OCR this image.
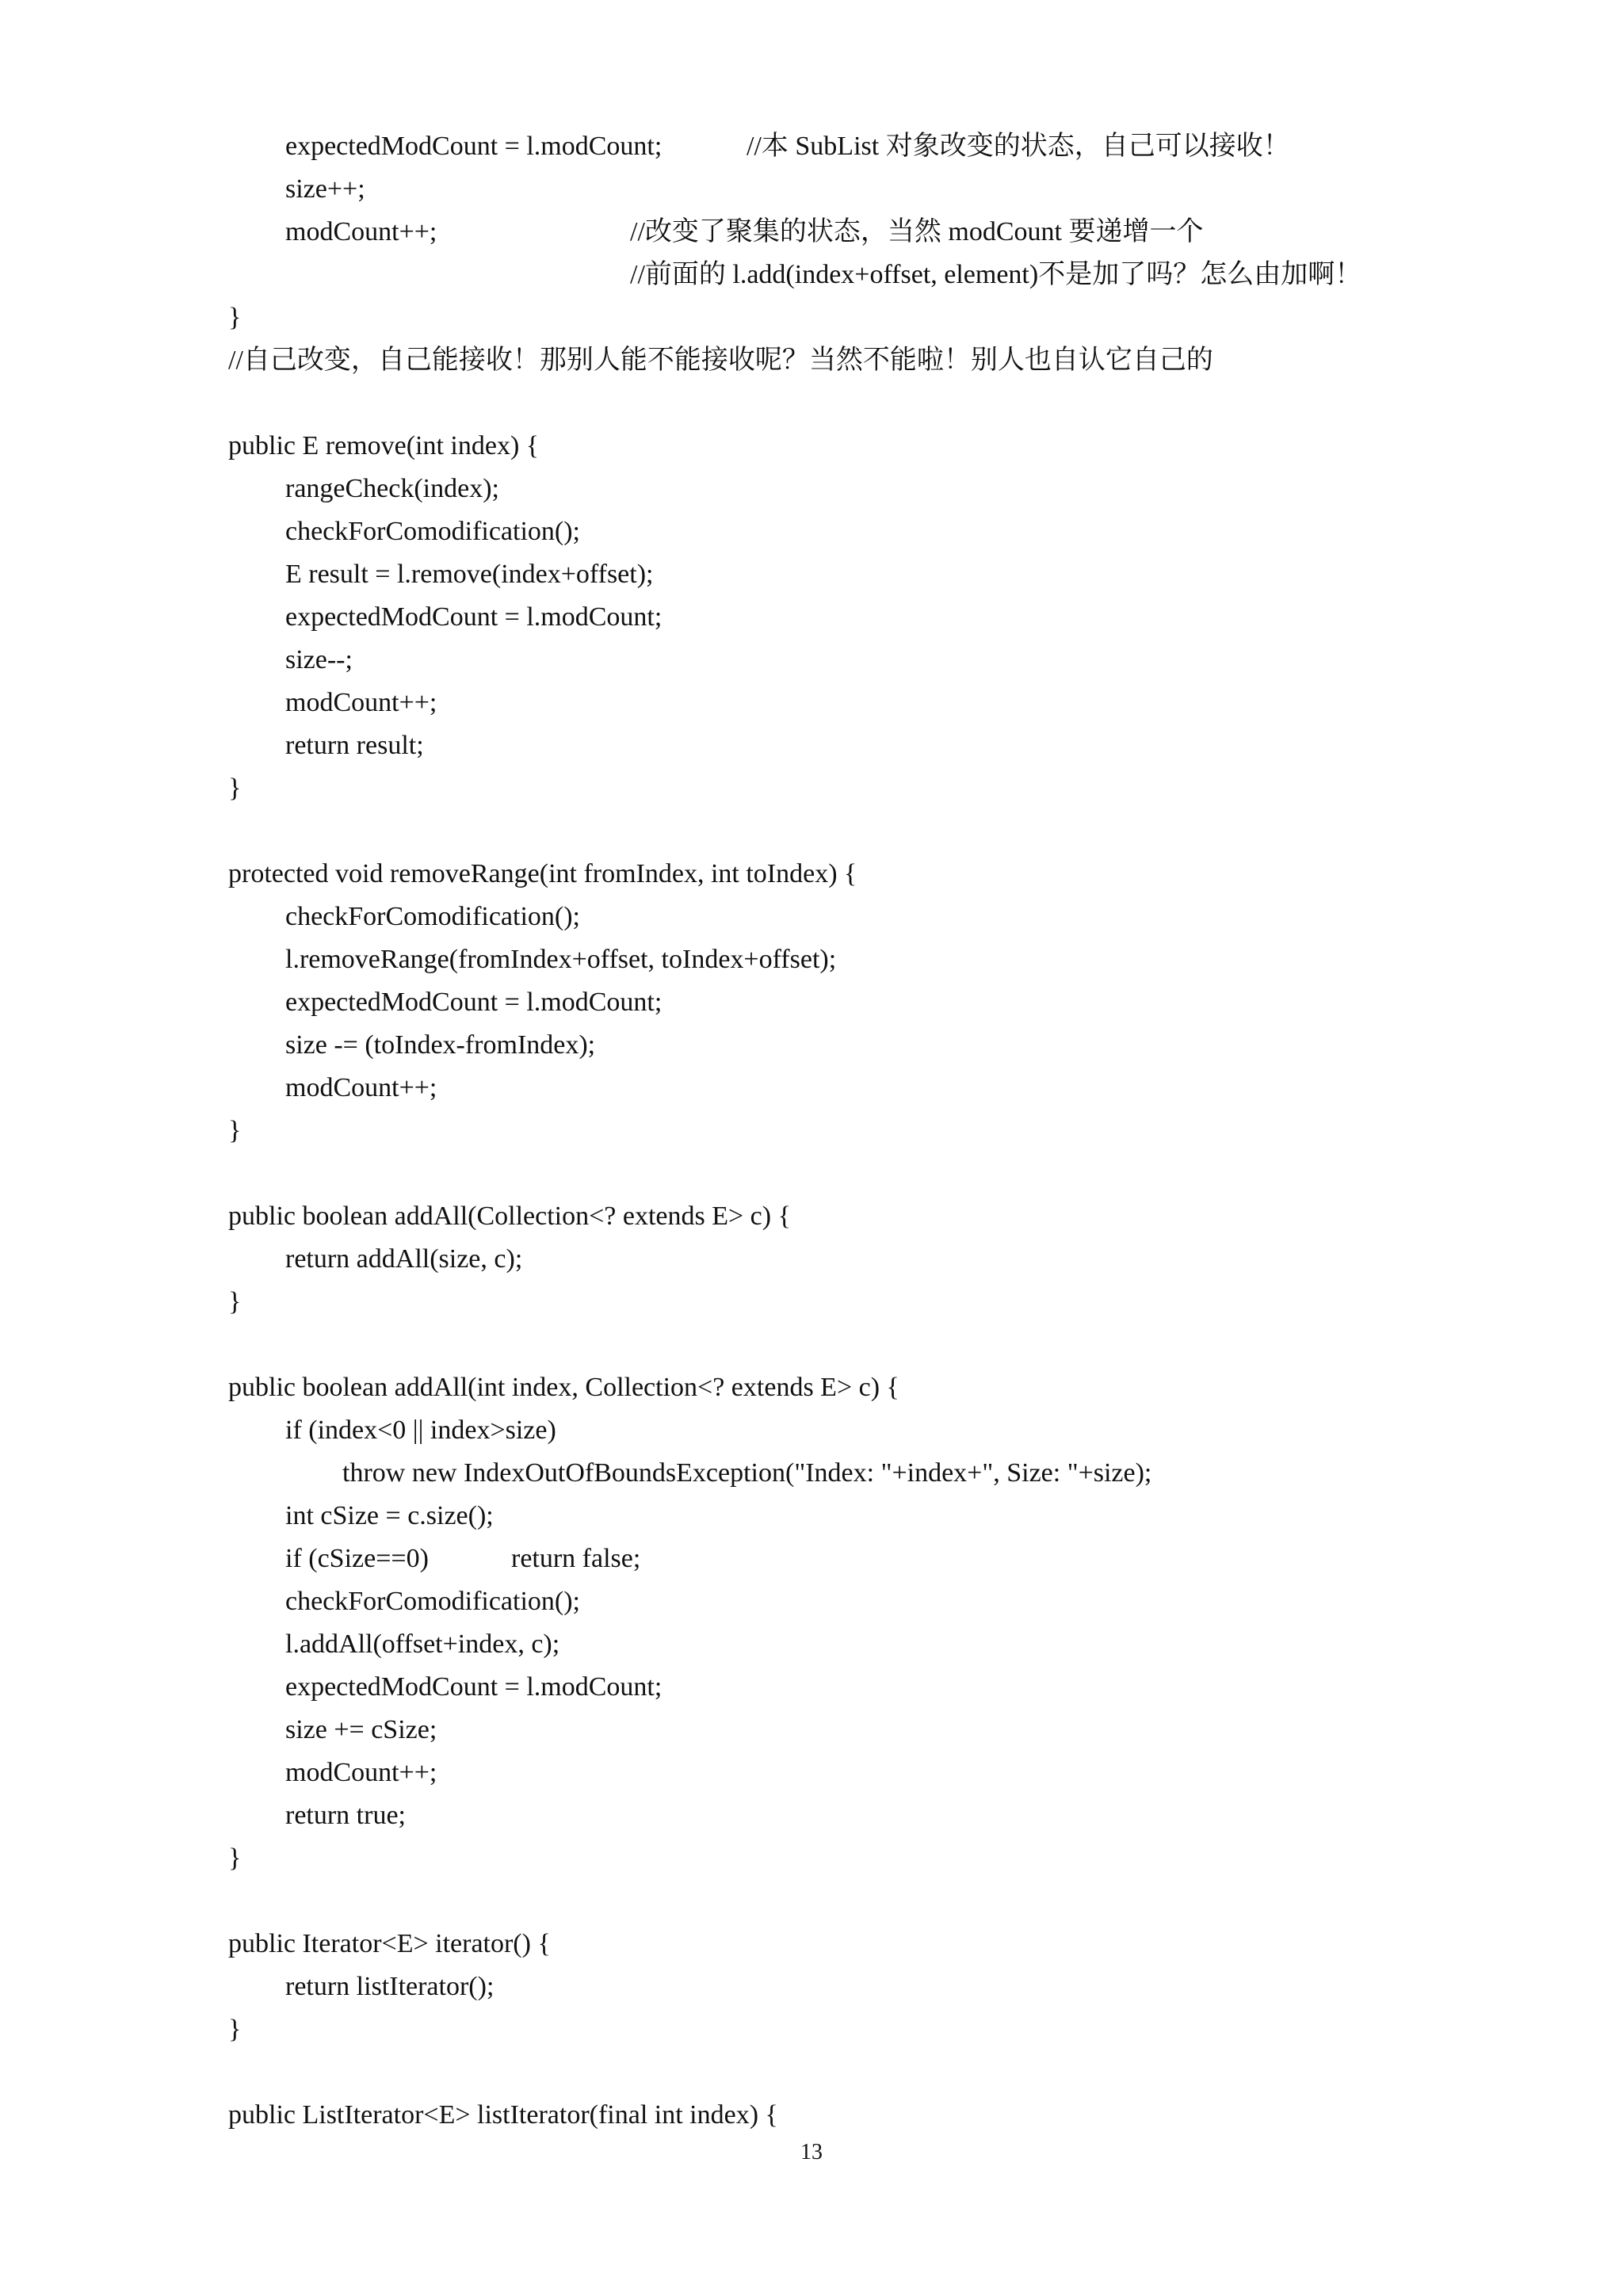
expectedModCount = l.modCount;	//本 SubList 对象改变的状态，自己可以接收！
size++;
modCount++;	//改变了聚集的状态，当然 modCount 要递增一个
//前面的 l.add(index+offset, element)不是加了吗？怎么由加啊！
}
//自己改变，自己能接收！那别人能不能接收呢？当然不能啦！别人也自认它自己的
public E remove(int index) {
rangeCheck(index);
checkForComodification();
E result = l.remove(index+offset);
expectedModCount = l.modCount;
size--;
modCount++;
return result;
}
protected void removeRange(int fromIndex, int toIndex) {
checkForComodification();
l.removeRange(fromIndex+offset, toIndex+offset);
expectedModCount = l.modCount;
size -= (toIndex-fromIndex);
modCount++;
}
public boolean addAll(Collection<? extends E> c) {
return addAll(size, c);
}
public boolean addAll(int index, Collection<? extends E> c) {
if (index<0 || index>size)
throw new IndexOutOfBoundsException("Index: "+index+", Size: "+size);
int cSize = c.size();
if (cSize==0)	return false;
checkForComodification();
l.addAll(offset+index, c);
expectedModCount = l.modCount;
size += cSize;
modCount++;
return true;
}
public Iterator<E> iterator() {
return listIterator();
}
public ListIterator<E> listIterator(final int index) {
13
